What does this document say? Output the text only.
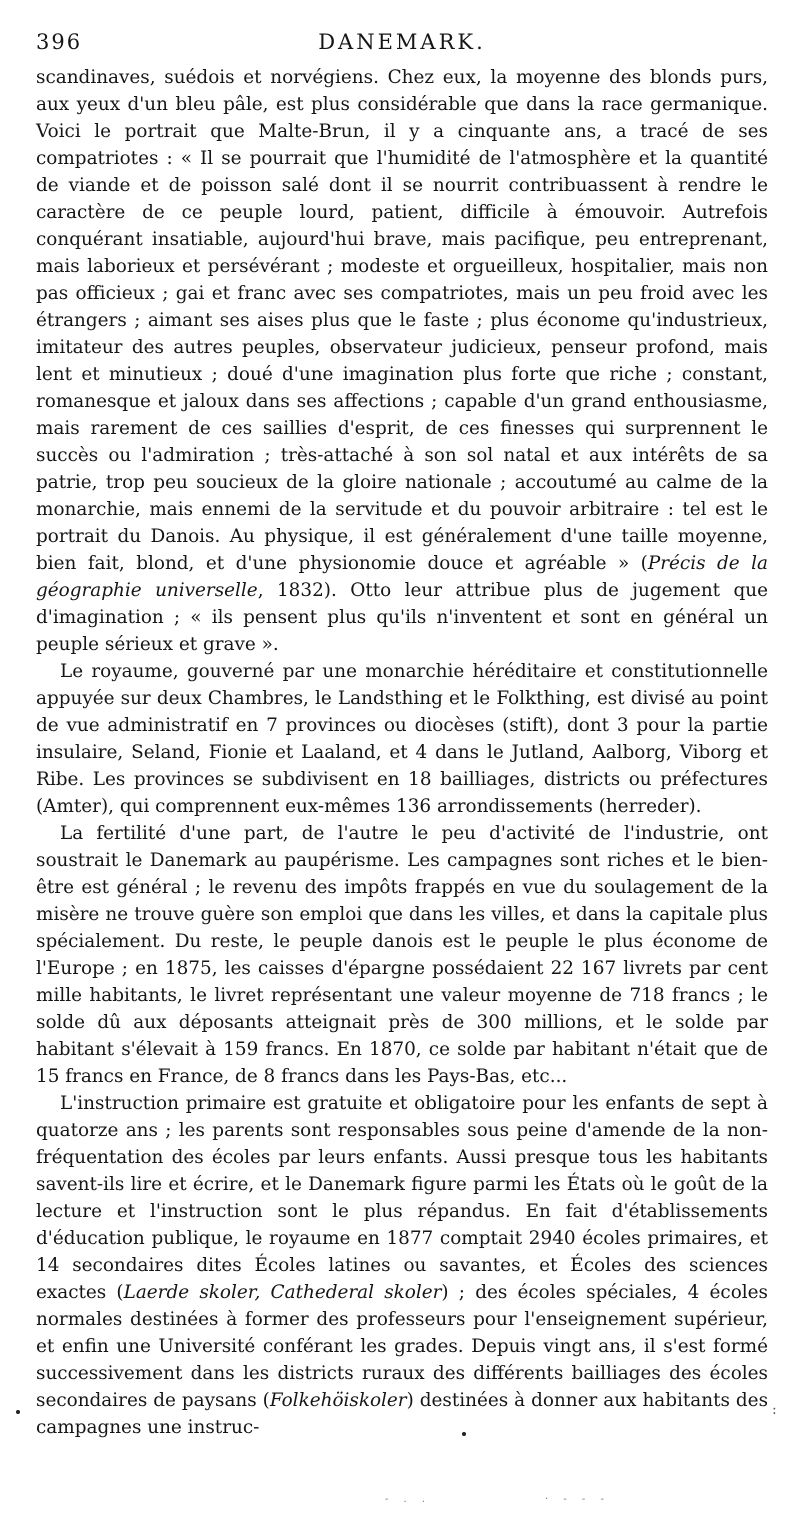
396	DANEMARK.

scandinaves, suédois et norvégiens. Chez eux, la moyenne des blonds purs, aux yeux d'un bleu pâle, est plus considérable que dans la race germanique. Voici le portrait que Malte-Brun, il y a cinquante ans, a tracé de ses compatriotes : « Il se pourrait que l'humidité de l'atmosphère et la quantité de viande et de poisson salé dont il se nourrit contribuassent à rendre le caractère de ce peuple lourd, patient, difficile à émouvoir. Autrefois conquérant insatiable, aujourd'hui brave, mais pacifique, peu entreprenant, mais laborieux et persévérant ; modeste et orgueilleux, hospitalier, mais non pas officieux ; gai et franc avec ses compatriotes, mais un peu froid avec les étrangers ; aimant ses aises plus que le faste ; plus économe qu'industrieux, imitateur des autres peuples, observateur judicieux, penseur profond, mais lent et minutieux ; doué d'une imagination plus forte que riche ; constant, romanesque et jaloux dans ses affections ; capable d'un grand enthousiasme, mais rarement de ces saillies d'esprit, de ces finesses qui surprennent le succès ou l'admiration ; très-attaché à son sol natal et aux intérêts de sa patrie, trop peu soucieux de la gloire nationale ; accoutumé au calme de la monarchie, mais ennemi de la servitude et du pouvoir arbitraire : tel est le portrait du Danois. Au physique, il est généralement d'une taille moyenne, bien fait, blond, et d'une physionomie douce et agréable » (Précis de la géographie universelle, 1832). Otto leur attribue plus de jugement que d'imagination ; « ils pensent plus qu'ils n'inventent et sont en général un peuple sérieux et grave ».

Le royaume, gouverné par une monarchie héréditaire et constitutionnelle appuyée sur deux Chambres, le Landsthing et le Folkthing, est divisé au point de vue administratif en 7 provinces ou diocèses (stift), dont 3 pour la partie insulaire, Seland, Fionie et Laaland, et 4 dans le Jutland, Aalborg, Viborg et Ribe. Les provinces se subdivisent en 18 bailliages, districts ou préfectures (Amter), qui comprennent eux-mêmes 136 arrondissements (herreder).

La fertilité d'une part, de l'autre le peu d'activité de l'industrie, ont soustrait le Danemark au paupérisme. Les campagnes sont riches et le bien-être est général ; le revenu des impôts frappés en vue du soulagement de la misère ne trouve guère son emploi que dans les villes, et dans la capitale plus spécialement. Du reste, le peuple danois est le peuple le plus économe de l'Europe ; en 1875, les caisses d'épargne possédaient 22 167 livrets par cent mille habitants, le livret représentant une valeur moyenne de 718 francs ; le solde dû aux déposants atteignait près de 300 millions, et le solde par habitant s'élevait à 159 francs. En 1870, ce solde par habitant n'était que de 15 francs en France, de 8 francs dans les Pays-Bas, etc...

L'instruction primaire est gratuite et obligatoire pour les enfants de sept à quatorze ans ; les parents sont responsables sous peine d'amende de la non-fréquentation des écoles par leurs enfants. Aussi presque tous les habitants savent-ils lire et écrire, et le Danemark figure parmi les États où le goût de la lecture et l'instruction sont le plus répandus. En fait d'établissements d'éducation publique, le royaume en 1877 comptait 2940 écoles primaires, et 14 secondaires dites Écoles latines ou savantes, et Écoles des sciences exactes (Laerde skoler, Cathederal skoler) ; des écoles spéciales, 4 écoles normales destinées à former des professeurs pour l'enseignement supérieur, et enfin une Université conférant les grades. Depuis vingt ans, il s'est formé successivement dans les districts ruraux des différents bailliages des écoles secondaires de paysans (Folkehöiskoler) destinées à donner aux habitants des campagnes une instruc-

:
- . .	· - - -
